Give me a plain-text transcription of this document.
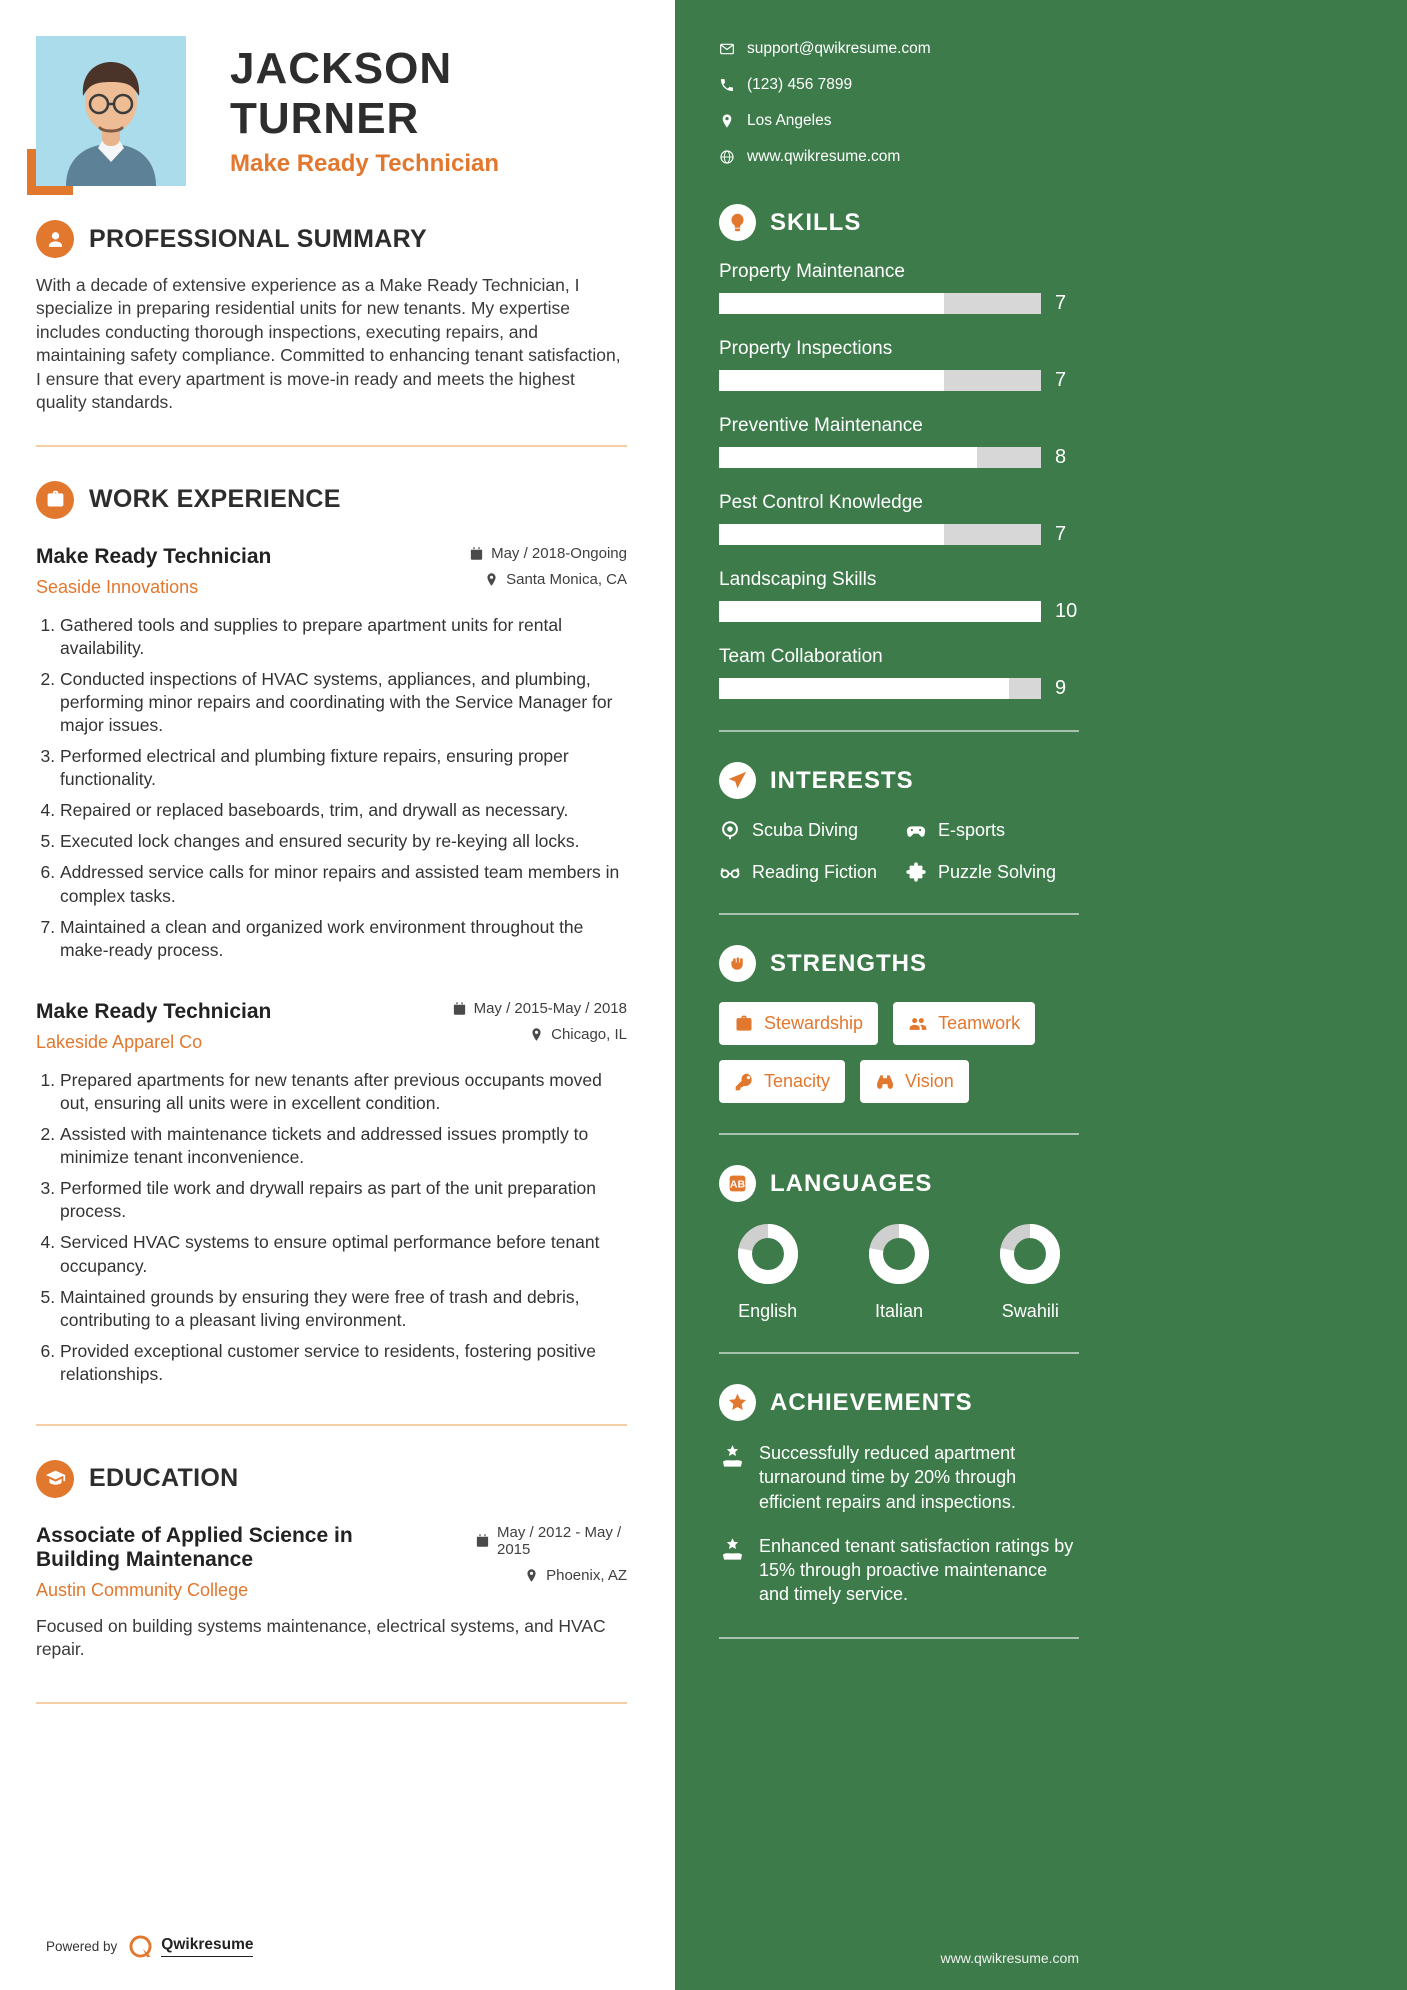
JACKSON TURNER
Make Ready Technician
PROFESSIONAL SUMMARY

With a decade of extensive experience as a Make Ready Technician, I specialize in preparing residential units for new tenants. My expertise includes conducting thorough inspections, executing repairs, and maintaining safety compliance. Committed to enhancing tenant satisfaction, I ensure that every apartment is move-in ready and meets the highest quality standards.

WORK EXPERIENCE
Make Ready Technician
Seaside Innovations
May / 2018-Ongoing
Santa Monica, CA
1. Gathered tools and supplies to prepare apartment units for rental availability.
2. Conducted inspections of HVAC systems, appliances, and plumbing, performing minor repairs and coordinating with the Service Manager for major issues.
3. Performed electrical and plumbing fixture repairs, ensuring proper functionality.
4. Repaired or replaced baseboards, trim, and drywall as necessary.
5. Executed lock changes and ensured security by re-keying all locks.
6. Addressed service calls for minor repairs and assisted team members in complex tasks.
7. Maintained a clean and organized work environment throughout the make-ready process.
Make Ready Technician
Lakeside Apparel Co
May / 2015-May / 2018
Chicago, IL
1. Prepared apartments for new tenants after previous occupants moved out, ensuring all units were in excellent condition.
2. Assisted with maintenance tickets and addressed issues promptly to minimize tenant inconvenience.
3. Performed tile work and drywall repairs as part of the unit preparation process.
4. Serviced HVAC systems to ensure optimal performance before tenant occupancy.
5. Maintained grounds by ensuring they were free of trash and debris, contributing to a pleasant living environment.
6. Provided exceptional customer service to residents, fostering positive relationships.
EDUCATION
Associate of Applied Science in Building Maintenance
Austin Community College
May / 2012 - May / 2015
Phoenix, AZ

Focused on building systems maintenance, electrical systems, and HVAC repair.

Powered by	Qwikresume
support@qwikresume.com
(123) 456 7899
Los Angeles
www.qwikresume.com
SKILLS
Property Maintenance
7
Property Inspections
7
Preventive Maintenance
8
Pest Control Knowledge
7
Landscaping Skills
10
Team Collaboration
9
INTERESTS
Scuba Diving	E-sports
Reading Fiction	Puzzle Solving
STRENGTHS
Stewardship	Teamwork
Tenacity	Vision
AB LANGUAGES
English	Italian	Swahili
ACHIEVEMENTS
Successfully reduced apartment turnaround time by 20% through efficient repairs and inspections.
Enhanced tenant satisfaction ratings by 15% through proactive maintenance and timely service.
www.qwikresume.com
